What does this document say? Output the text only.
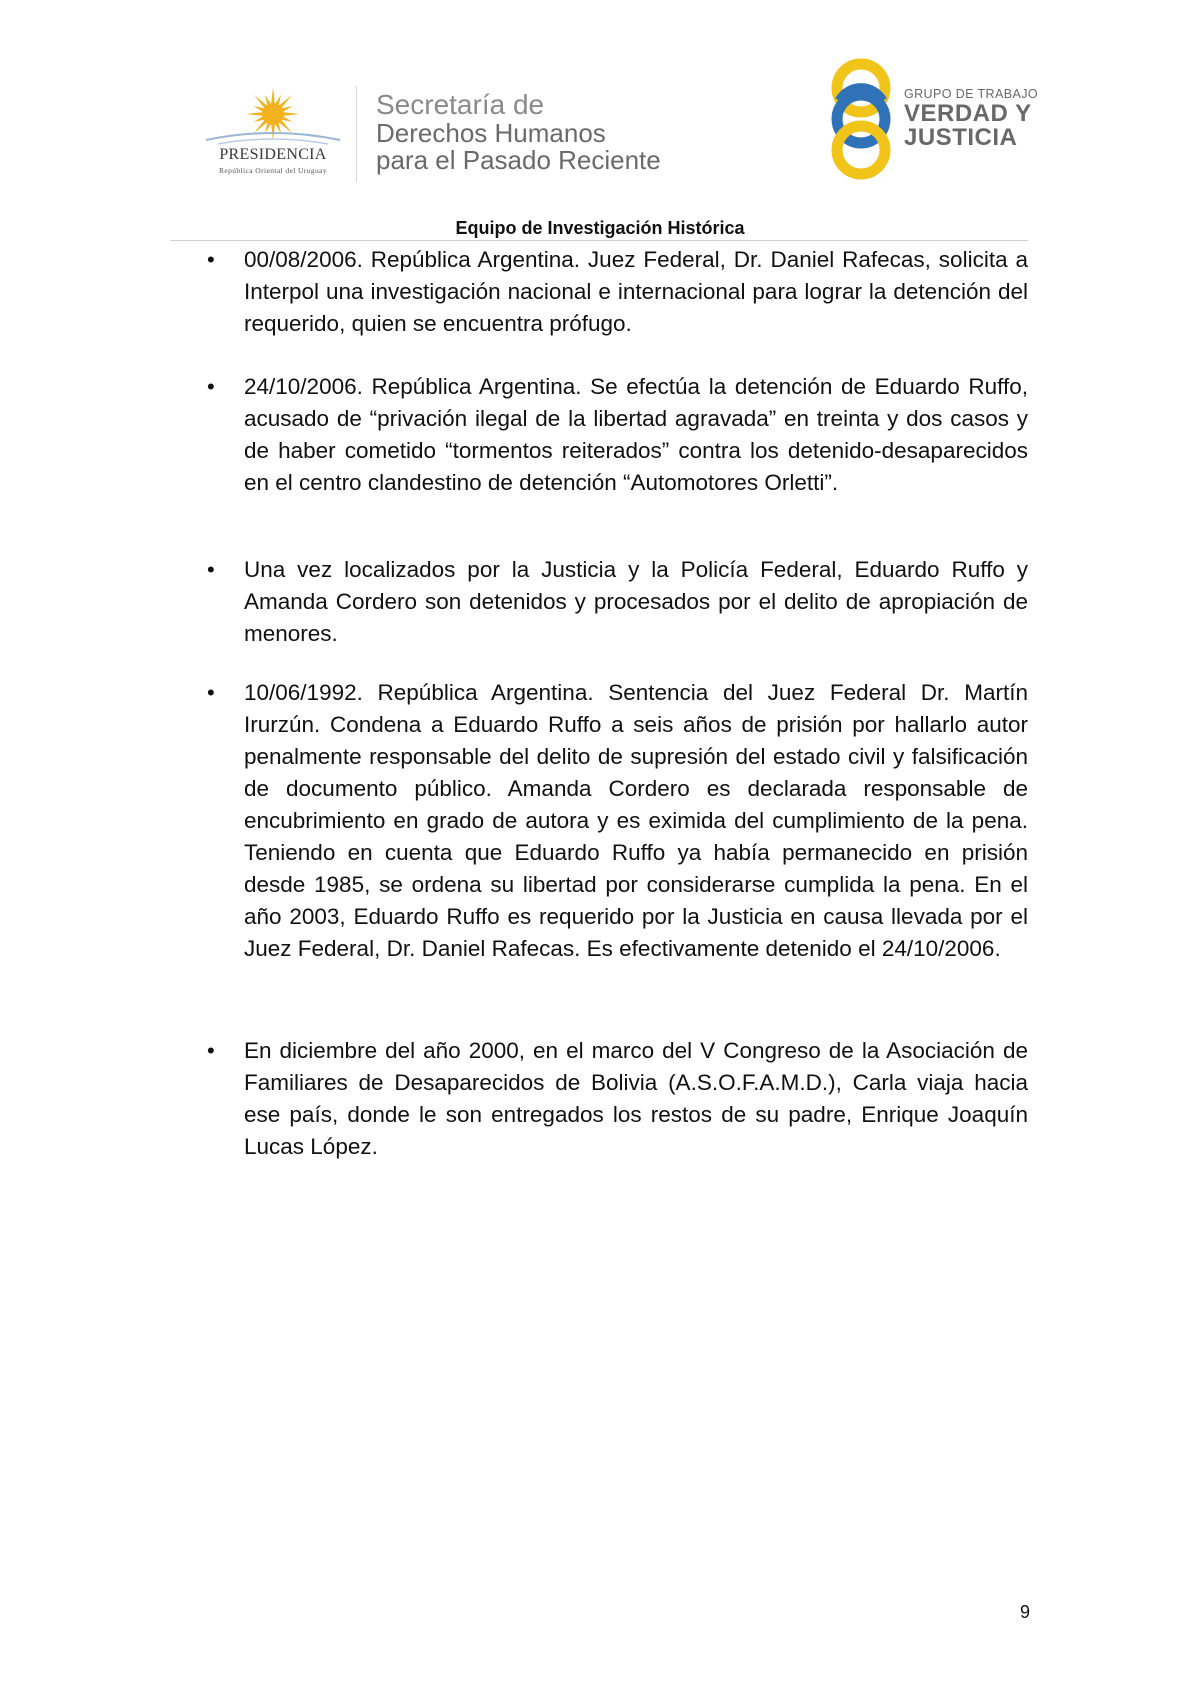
PRESIDENCIA
República Oriental del Uruguay
Secretaría de
Derechos Humanos
para el Pasado Reciente
GRUPO DE TRABAJO
VERDAD Y
JUSTICIA
Equipo de Investigación Histórica
• 00/08/2006. República Argentina. Juez Federal, Dr. Daniel Rafecas, solicita a Interpol una investigación nacional e internacional para lograr la detención del requerido, quien se encuentra prófugo.
• 24/10/2006. República Argentina. Se efectúa la detención de Eduardo Ruffo, acusado de “privación ilegal de la libertad agravada” en treinta y dos casos y de haber cometido “tormentos reiterados” contra los detenido-desaparecidos en el centro clandestino de detención “Automotores Orletti”.
• Una vez localizados por la Justicia y la Policía Federal, Eduardo Ruffo y Amanda Cordero son detenidos y procesados por el delito de apropiación de menores.
• 10/06/1992. República Argentina. Sentencia del Juez Federal Dr. Martín Irurzún. Condena a Eduardo Ruffo a seis años de prisión por hallarlo autor penalmente responsable del delito de supresión del estado civil y falsificación de documento público. Amanda Cordero es declarada responsable de encubrimiento en grado de autora y es eximida del cumplimiento de la pena. Teniendo en cuenta que Eduardo Ruffo ya había permanecido en prisión desde 1985, se ordena su libertad por considerarse cumplida la pena. En el año 2003, Eduardo Ruffo es requerido por la Justicia en causa llevada por el Juez Federal, Dr. Daniel Rafecas. Es efectivamente detenido el 24/10/2006.
• En diciembre del año 2000, en el marco del V Congreso de la Asociación de Familiares de Desaparecidos de Bolivia (A.S.O.F.A.M.D.), Carla viaja hacia ese país, donde le son entregados los restos de su padre, Enrique Joaquín Lucas López.
9
